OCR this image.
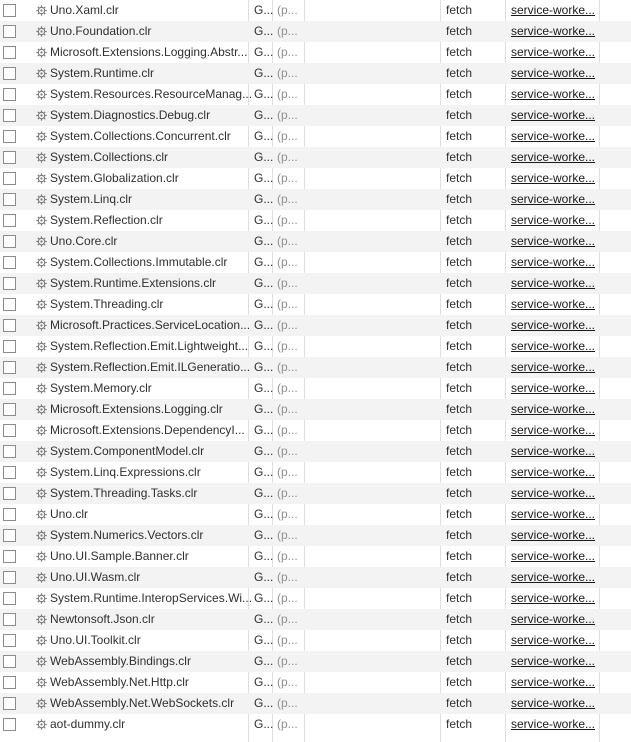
Uno.Xaml.clr	G... (p...	fetch	service-worke...
Uno.Foundation.clr	G... (p...	fetch	service-worke...
Microsoft.Extensions.Logging.Abstr... G... (p...	fetch	service-worke...
System.Runtime.clr	G... (p...	fetch	service-worke...
System.Resources.ResourceManag... G... (p...	fetch	service-worke...
System.Diagnostics.Debug.clr	G... (p...	fetch	service-worke...
System.Collections.Concurrent.clr	G... (p...	fetch	service-worke...
System.Collections.clr	G... (p...	fetch	service-worke...
System.Globalization.clr	G... (p...	fetch	service-worke...
System.Linq.clr	G... (p...	fetch	service-worke...
System.Reflection.clr	G... (p...	fetch	service-worke...
Uno.Core.clr	G... (p...	fetch	service-worke...
System.Collections.Immutable.clr	G... (p...	fetch	service-worke...
System.Runtime.Extensions.clr	G... (p...	fetch	service-worke...
System.Threading.clr	G... (p...	fetch	service-worke...
Microsoft.Practices.ServiceLocation... G... (p...	fetch	service-worke...
System.Reflection.Emit.Lightweight... G... (p...	fetch	service-worke...
System.Reflection.Emit.ILGeneratio... G... (p...	fetch	service-worke...
System.Memory.clr	G... (p...	fetch	service-worke...
Microsoft.Extensions.Logging.clr	G... (p...	fetch	service-worke...
Microsoft.Extensions.DependencyI... G... (p...	fetch	service-worke...
System.ComponentModel.clr	G... (p...	fetch	service-worke...
System.Linq.Expressions.clr	G... (p...	fetch	service-worke...
System.Threading.Tasks.clr	G... (p...	fetch	service-worke...
Uno.clr	G... (p...	fetch	service-worke...
System.Numerics.Vectors.clr	G... (p...	fetch	service-worke...
Uno.UI.Sample.Banner.clr	G... (p...	fetch	service-worke...
Uno.UI.Wasm.clr	G... (p...	fetch	service-worke...
System.Runtime.InteropServices.Wi... G... (p...	fetch	service-worke...
Newtonsoft.Json.clr	G... (p...	fetch	service-worke...
Uno.UI.Toolkit.clr	G... (p...	fetch	service-worke...
WebAssembly.Bindings.clr	G... (p...	fetch	service-worke...
WebAssembly.Net.Http.clr	G... (p...	fetch	service-worke...
WebAssembly.Net.WebSockets.clr	G... (p...	fetch	service-worke...
aot-dummy.clr	G... (p...	fetch	service-worke...
